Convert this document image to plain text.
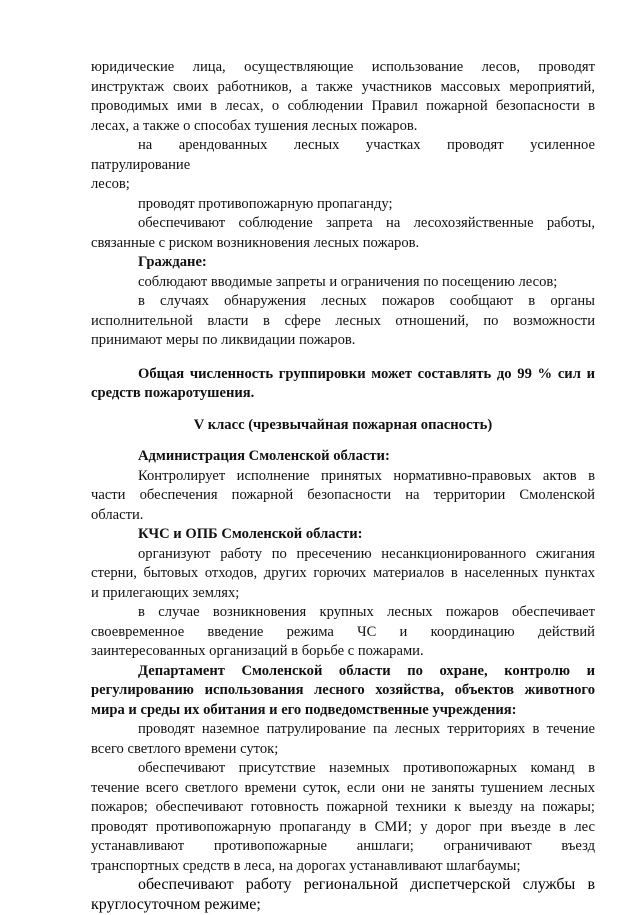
юридические лица, осуществляющие использование лесов, проводят
инструктаж своих работников, а также участников массовых мероприятий,
проводимых ими в лесах, о соблюдении Правил пожарной безопасности в
лесах, а также о способах тушения лесных пожаров.
на арендованных лесных участках проводят усиленное
патрулирование
лесов;
проводят противопожарную пропаганду;
обеспечивают соблюдение запрета на лесохозяйственные работы,
связанные с риском возникновения лесных пожаров.
Граждане:
соблюдают вводимые запреты и ограничения по посещению лесов;
в случаях обнаружения лесных пожаров сообщают в органы
исполнительной власти в сфере лесных отношений, по возможности
принимают меры по ликвидации пожаров.
Общая численность группировки может составлять до 99 % сил и
средств пожаротушения.
V класс (чрезвычайная пожарная опасность)
Администрация Смоленской области:
Контролирует исполнение принятых нормативно-правовых актов в
части обеспечения пожарной безопасности на территории Смоленской
области.
КЧС и ОПБ Смоленской области:
организуют работу по пресечению несанкционированного сжигания
стерни, бытовых отходов, других горючих материалов в населенных пунктах
и прилегающих землях;
в случае возникновения крупных лесных пожаров обеспечивает
своевременное введение режима ЧС и координацию действий
заинтересованных организаций в борьбе с пожарами.
Департамент Смоленской области по охране, контролю и
регулированию использования лесного хозяйства, объектов животного
мира и среды их обитания и его подведомственные учреждения:
проводят наземное патрулирование па лесных территориях в течение
всего светлого времени суток;
обеспечивают присутствие наземных противопожарных команд в
течение всего светлого времени суток, если они не заняты тушением лесных
пожаров; обеспечивают готовность пожарной техники к выезду на пожары;
проводят противопожарную пропаганду в СМИ; у дорог при въезде в лес
устанавливают противопожарные аншлаги; ограничивают въезд
транспортных средств в леса, на дорогах устанавливают шлагбаумы;
обеспечивают работу региональной диспетчерской службы в
круглосуточном режиме;
